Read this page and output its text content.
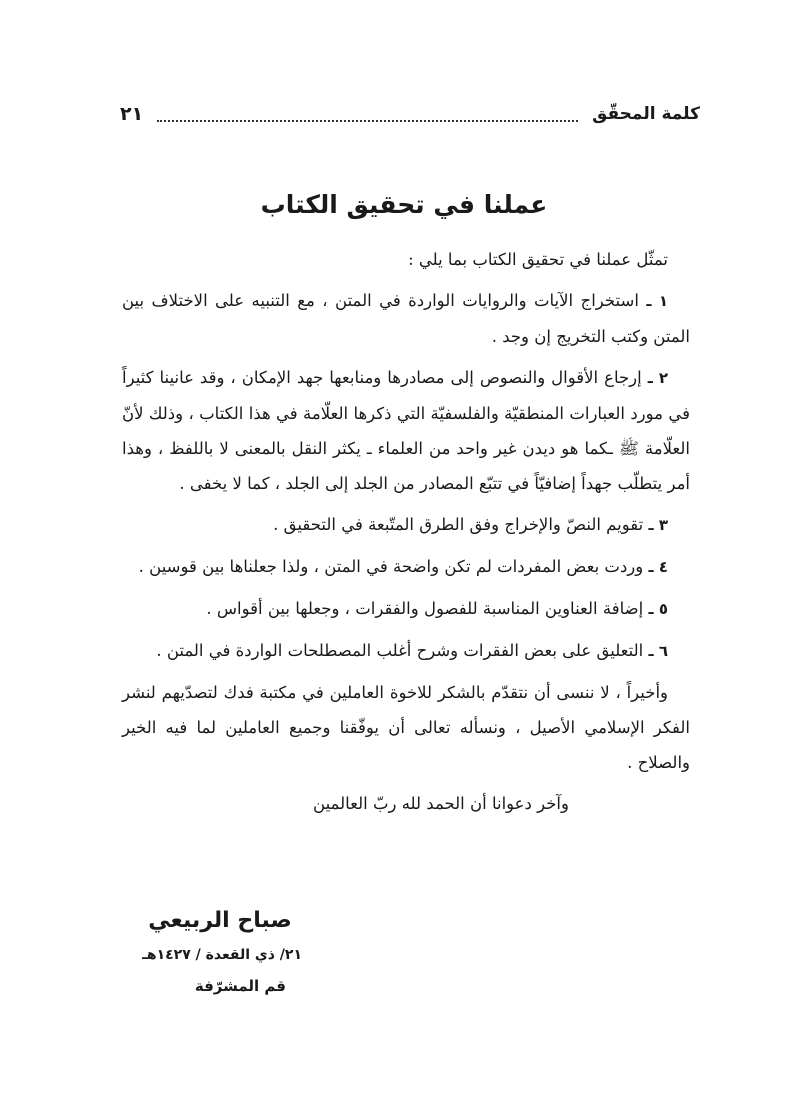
كلمة المحقّق
٢١
عملنا في تحقيق الكتاب

تمثّل عملنا في تحقيق الكتاب بما يلي :

١ ـ استخراج الآيات والروايات الواردة في المتن ، مع التنبيه على الاختلاف بين المتن وكتب التخريج إن وجد .

٢ ـ إرجاع الأقوال والنصوص إلى مصادرها ومنابعها جهد الإمكان ، وقد عانينا كثيراً في مورد العبارات المنطقيّة والفلسفيّة التي ذكرها العلّامة في هذا الكتاب ، وذلك لأنّ العلّامة ﷺ ـكما هو ديدن غير واحد من العلماء ـ يكثر النقل بالمعنى لا باللفظ ، وهذا أمر يتطلّب جهداً إضافيّاً في تتبّع المصادر من الجلد إلى الجلد ، كما لا يخفى .

٣ ـ تقويم النصّ والإخراج وفق الطرق المتّبعة في التحقيق .

٤ ـ وردت بعض المفردات لم تكن واضحة في المتن ، ولذا جعلناها بين قوسين .

٥ ـ إضافة العناوين المناسبة للفصول والفقرات ، وجعلها بين أقواس .

٦ ـ التعليق على بعض الفقرات وشرح أغلب المصطلحات الواردة في المتن .

وأخيراً ، لا ننسى أن نتقدّم بالشكر للاخوة العاملين في مكتبة فدك لتصدّيهم لنشر الفكر الإسلامي الأصيل ، ونسأله تعالى أن يوفّقنا وجميع العاملين لما فيه الخير والصلاح .

وآخر دعوانا أن الحمد لله ربّ العالمين

صباح الربيعي
٢١/ ذي القعدة / ١٤٢٧هـ
قم المشرّفة
